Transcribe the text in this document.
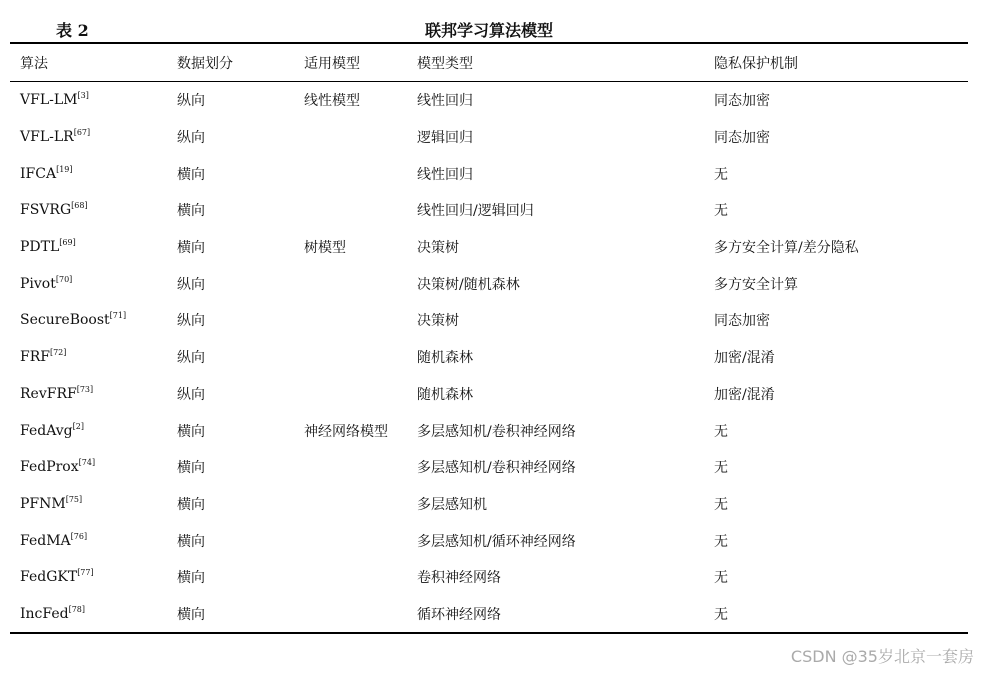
表 2	联邦学习算法模型
算法	数据划分	适用模型	模型类型	隐私保护机制

VFL-LM[3]	纵向	线性模型	线性回归	同态加密
VFL-LR[67]	纵向		逻辑回归	同态加密
IFCA[19]	横向		线性回归	无
FSVRG[68]	横向		线性回归/逻辑回归	无
PDTL[69]	横向	树模型	决策树	多方安全计算/差分隐私
Pivot[70]	纵向		决策树/随机森林	多方安全计算
SecureBoost[71]	纵向		决策树	同态加密
FRF[72]	纵向		随机森林	加密/混淆
RevFRF[73]	纵向		随机森林	加密/混淆
FedAvg[2]	横向	神经网络模型	多层感知机/卷积神经网络	无
FedProx[74]	横向		多层感知机/卷积神经网络	无
PFNM[75]	横向		多层感知机	无
FedMA[76]	横向		多层感知机/循环神经网络	无
FedGKT[77]	横向		卷积神经网络	无
IncFed[78]	横向		循环神经网络	无
CSDN @35岁北京一套房
